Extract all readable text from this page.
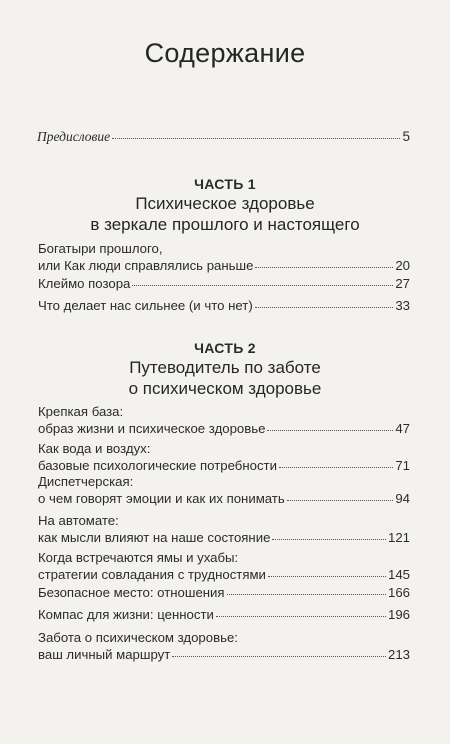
Содержание
Предисловие	5
ЧАСТЬ 1
Психическое здоровье
в зеркале прошлого и настоящего
Богатыри прошлого,
или Как люди справлялись раньше	20
Клеймо позора	27
Что делает нас сильнее (и что нет)	33
ЧАСТЬ 2
Путеводитель по заботе
о психическом здоровье
Крепкая база:
образ жизни и психическое здоровье	47
Как вода и воздух:
базовые психологические потребности	71
Диспетчерская:
о чем говорят эмоции и как их понимать	94
На автомате:
как мысли влияют на наше состояние	121
Когда встречаются ямы и ухабы:
стратегии совладания с трудностями	145
Безопасное место: отношения	166
Компас для жизни: ценности	196
Забота о психическом здоровье:
ваш личный маршрут	213
